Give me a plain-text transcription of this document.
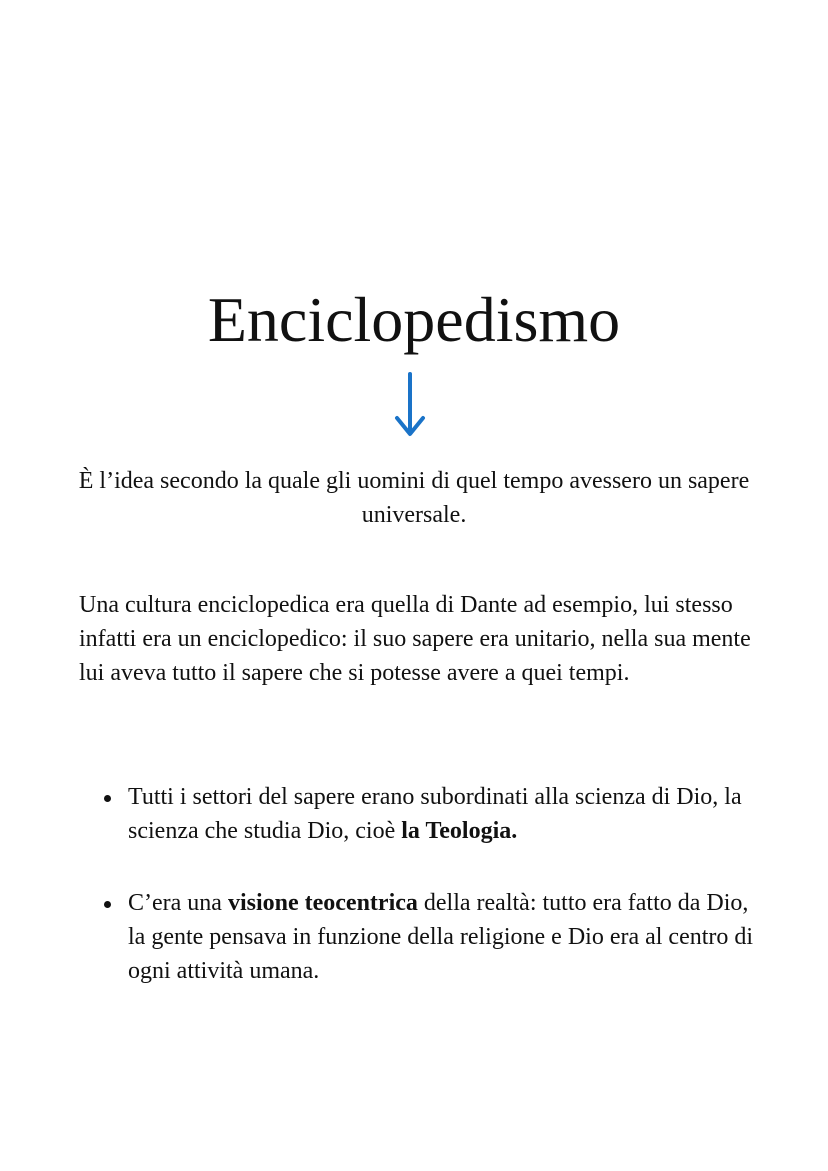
Enciclopedismo

È l’idea secondo la quale gli uomini di quel tempo avessero un sapere universale.

Una cultura enciclopedica era quella di Dante ad esempio, lui stesso infatti era un enciclopedico: il suo sapere era unitario, nella sua mente lui aveva tutto il sapere che si potesse avere a quei tempi.

Tutti i settori del sapere erano subordinati alla scienza di Dio, la scienza che studia Dio, cioè la Teologia.
C’era una visione teocentrica della realtà: tutto era fatto da Dio, la gente pensava in funzione della religione e Dio era al centro di ogni attività umana.
